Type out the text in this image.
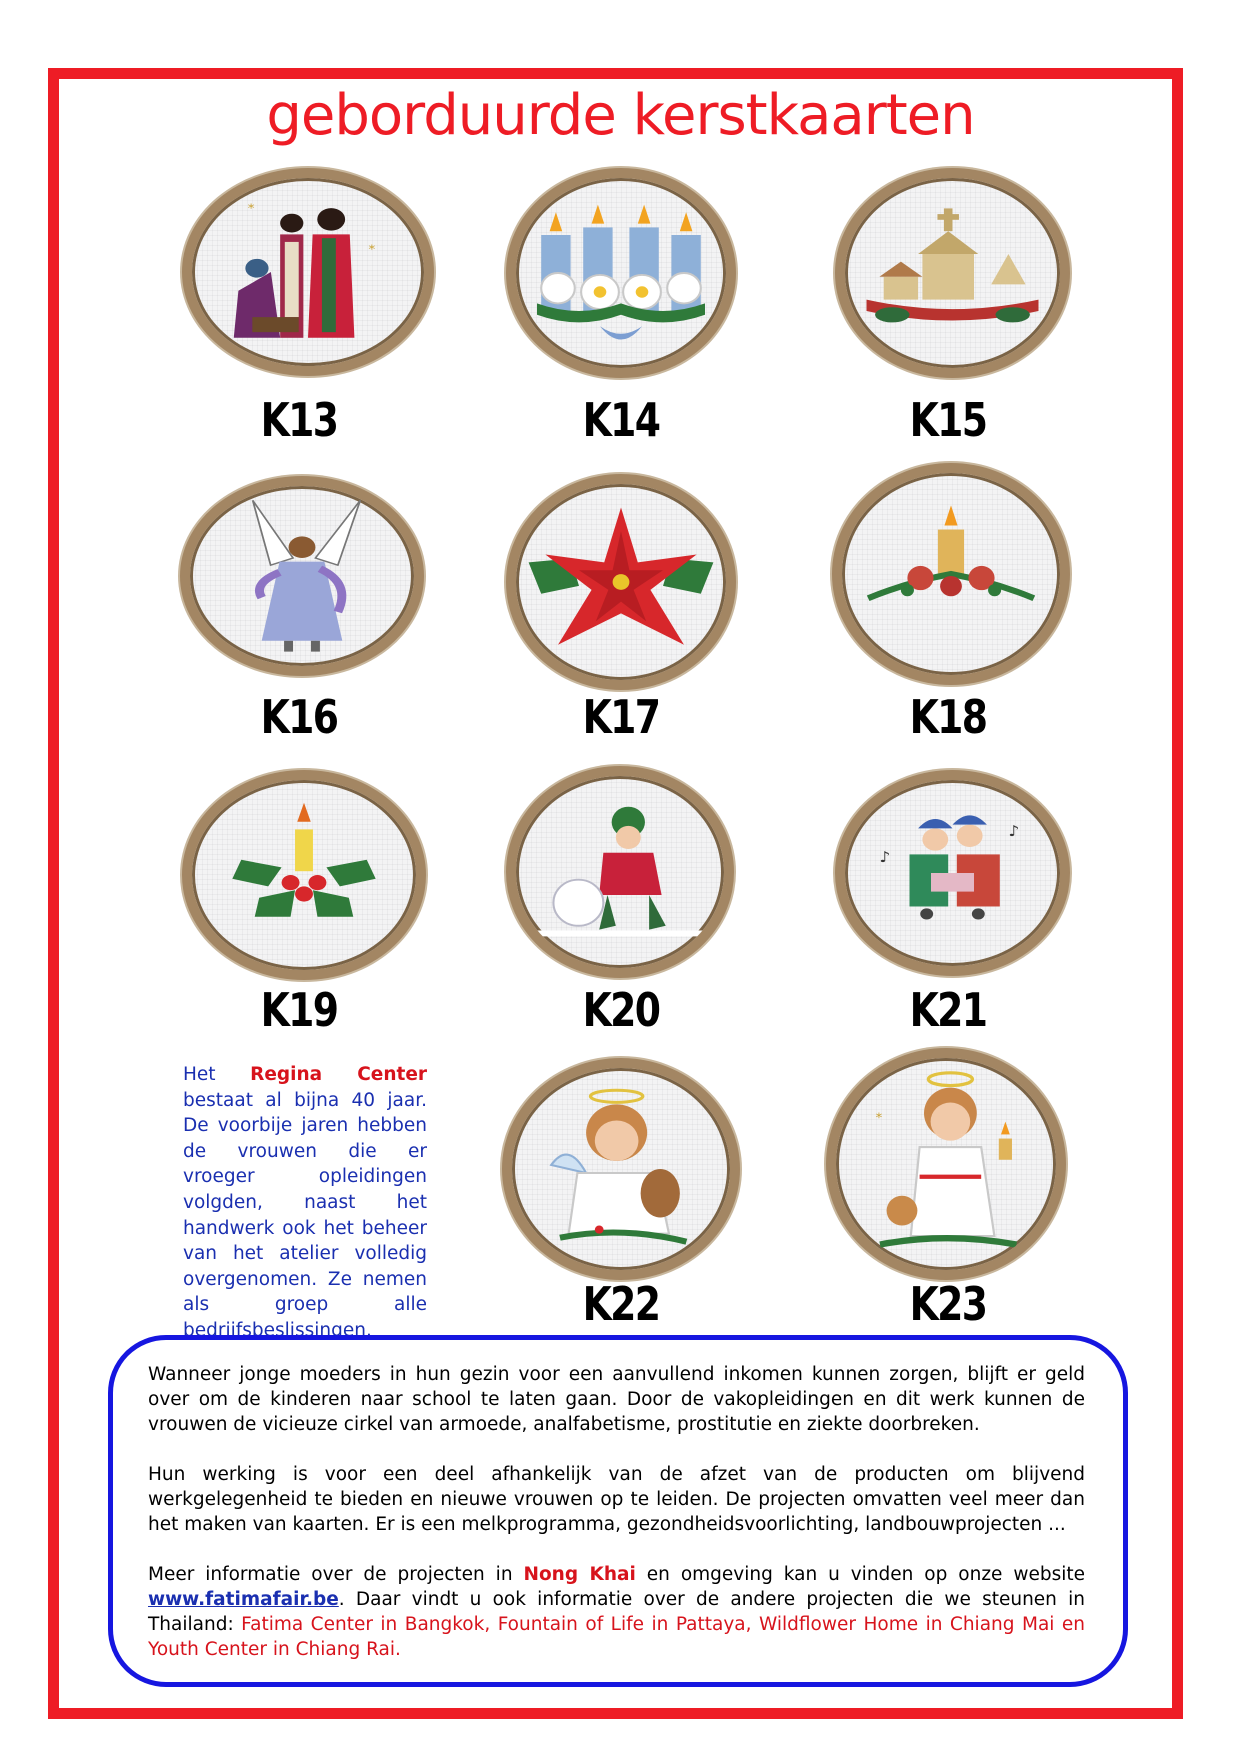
geborduurde kerstkaarten
*
*
K13	K14	K15
K16	K17	K18
K19	K20
♪
♪
K21
Het Regina Center bestaat al bijna 40 jaar. De voorbije jaren hebben de vrouwen die er vroeger opleidingen volgden, naast het handwerk ook het beheer van het atelier volledig overgenomen. Ze nemen als groep alle bedrijfsbeslissingen.	K22
*
K23

Wanneer jonge moeders in hun gezin voor een aanvullend inkomen kunnen zorgen, blijft er geld over om de kinderen naar school te laten gaan. Door de vakopleidingen en dit werk kunnen de vrouwen de vicieuze cirkel van armoede, analfabetisme, prostitutie en ziekte doorbreken.

Hun werking is voor een deel afhankelijk van de afzet van de producten om blijvend werkgelegenheid te bieden en nieuwe vrouwen op te leiden. De projecten omvatten veel meer dan het maken van kaarten. Er is een melkprogramma, gezondheidsvoorlichting, landbouwprojecten ...

Meer informatie over de projecten in Nong Khai en omgeving kan u vinden op onze website www.fatimafair.be. Daar vindt u ook informatie over de andere projecten die we steunen in Thailand: Fatima Center in Bangkok, Fountain of Life in Pattaya, Wildflower Home in Chiang Mai en Youth Center in Chiang Rai.
